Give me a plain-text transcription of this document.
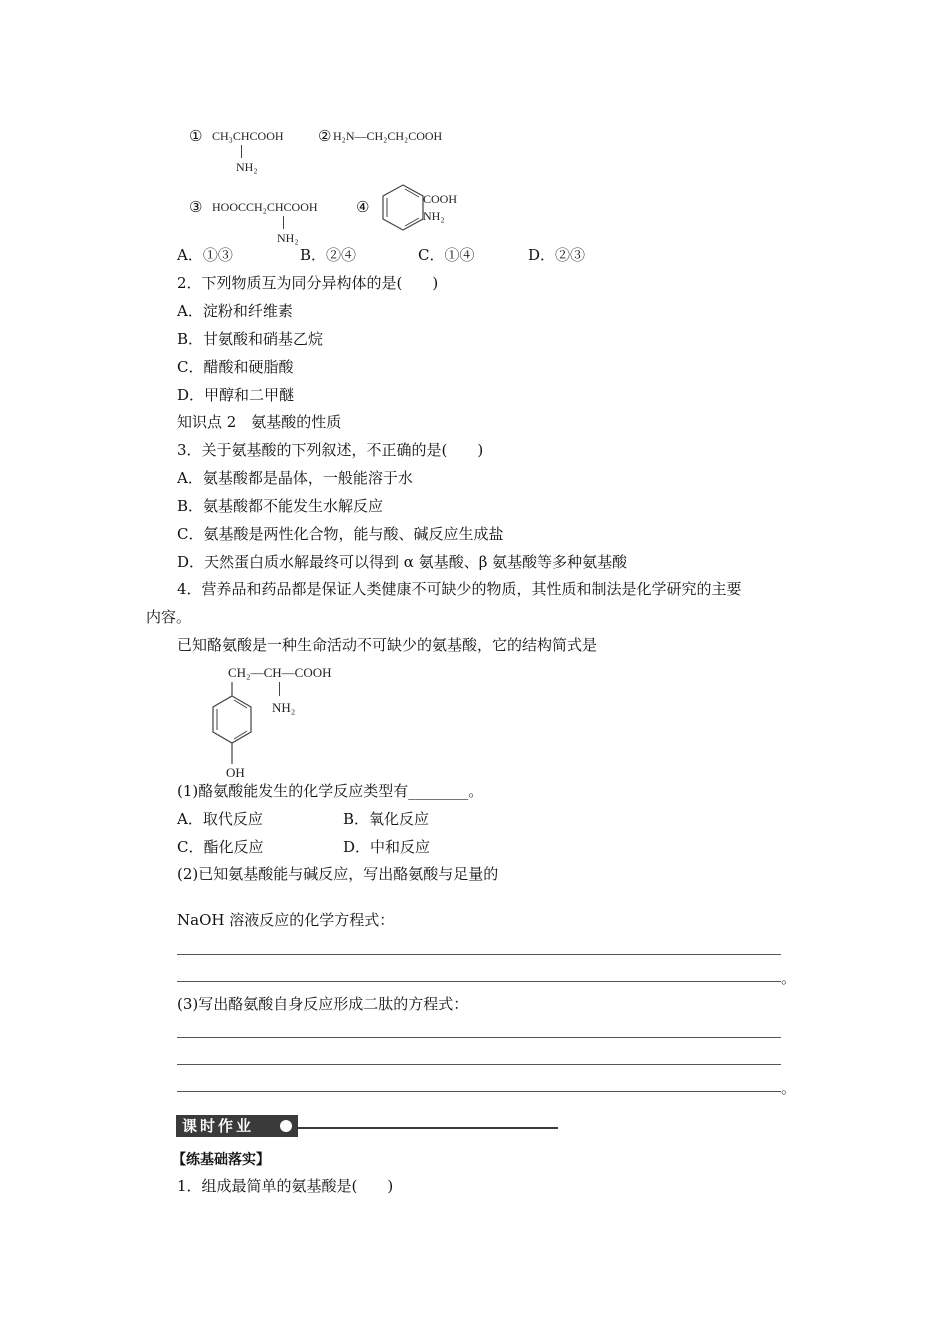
① CH₃CHCOOH
NH₂
② H₂N—CH₂CH₂COOH
③ HOOCCH₂CHCOOH
NH₂
④	COOH
NH₂
A．①③	B．②④	C．①④	D．②③
2．下列物质互为同分异构体的是(　　)
A．淀粉和纤维素
B．甘氨酸和硝基乙烷
C．醋酸和硬脂酸
D．甲醇和二甲醚
知识点 2　氨基酸的性质
3．关于氨基酸的下列叙述，不正确的是(　　)
A．氨基酸都是晶体，一般能溶于水
B．氨基酸都不能发生水解反应
C．氨基酸是两性化合物，能与酸、碱反应生成盐
D．天然蛋白质水解最终可以得到 α 氨基酸、β 氨基酸等多种氨基酸
4．营养品和药品都是保证人类健康不可缺少的物质，其性质和制法是化学研究的主要
内容。
已知酪氨酸是一种生命活动不可缺少的氨基酸，它的结构简式是
CH₂—CH—COOH
NH₂
OH
(1)酪氨酸能发生的化学反应类型有________。
A．取代反应	B．氧化反应
C．酯化反应	D．中和反应
(2)已知氨基酸能与碱反应，写出酪氨酸与足量的
NaOH 溶液反应的化学方程式：
。
(3)写出酪氨酸自身反应形成二肽的方程式：
。
课时作业
【练基础落实】
1．组成最简单的氨基酸是(　　)
